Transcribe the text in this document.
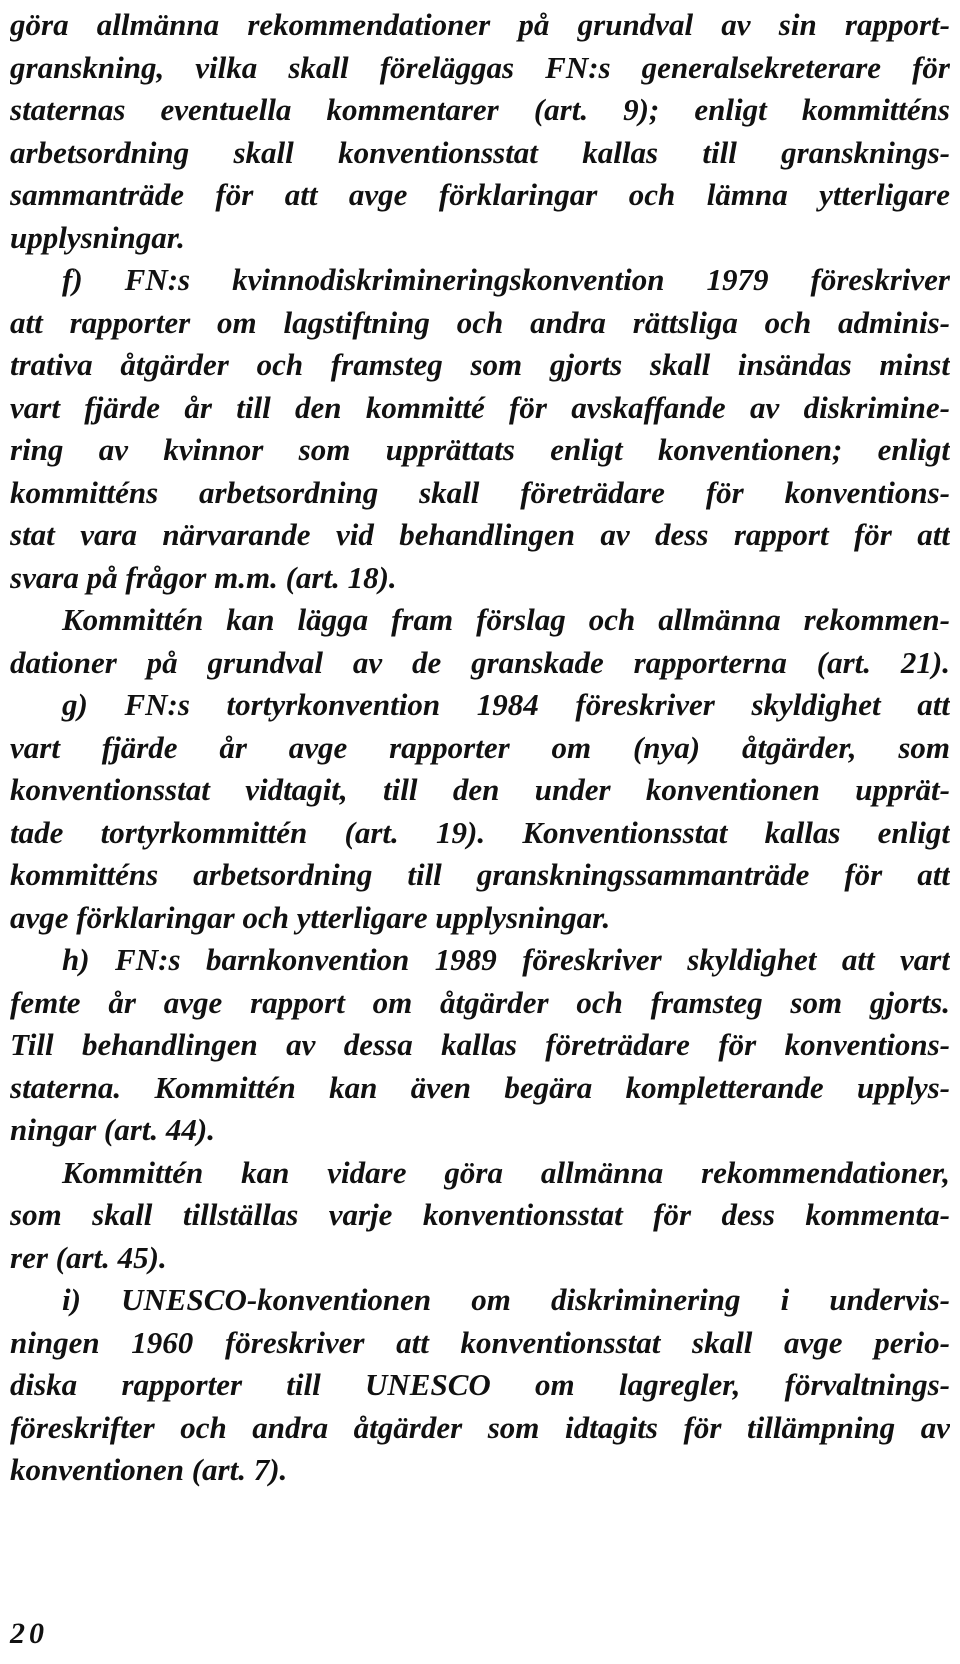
göra allmänna rekommendationer på grundval av sin rapport-
granskning, vilka skall föreläggas FN:s generalsekreterare för
staternas eventuella kommentarer (art. 9); enligt kommitténs
arbetsordning skall konventionsstat kallas till gransknings-
sammanträde för att avge förklaringar och lämna ytterligare
upplysningar.
f) FN:s kvinnodiskrimineringskonvention 1979 föreskriver
att rapporter om lagstiftning och andra rättsliga och adminis-
trativa åtgärder och framsteg som gjorts skall insändas minst
vart fjärde år till den kommitté för avskaffande av diskrimine-
ring av kvinnor som upprättats enligt konventionen; enligt
kommitténs arbetsordning skall företrädare för konventions-
stat vara närvarande vid behandlingen av dess rapport för att
svara på frågor m.m. (art. 18).
Kommittén kan lägga fram förslag och allmänna rekommen-
dationer på grundval av de granskade rapporterna (art. 21).
g) FN:s tortyrkonvention 1984 föreskriver skyldighet att
vart fjärde år avge rapporter om (nya) åtgärder, som
konventionsstat vidtagit, till den under konventionen upprät-
tade tortyrkommittén (art. 19). Konventionsstat kallas enligt
kommitténs arbetsordning till granskningssammanträde för att
avge förklaringar och ytterligare upplysningar.
h) FN:s barnkonvention 1989 föreskriver skyldighet att vart
femte år avge rapport om åtgärder och framsteg som gjorts.
Till behandlingen av dessa kallas företrädare för konventions-
staterna. Kommittén kan även begära kompletterande upplys-
ningar (art. 44).
Kommittén kan vidare göra allmänna rekommendationer,
som skall tillställas varje konventionsstat för dess kommenta-
rer (art. 45).
i) UNESCO-konventionen om diskriminering i undervis-
ningen 1960 föreskriver att konventionsstat skall avge perio-
diska rapporter till UNESCO om lagregler, förvaltnings-
föreskrifter och andra åtgärder som idtagits för tillämpning av
konventionen (art. 7).
20
